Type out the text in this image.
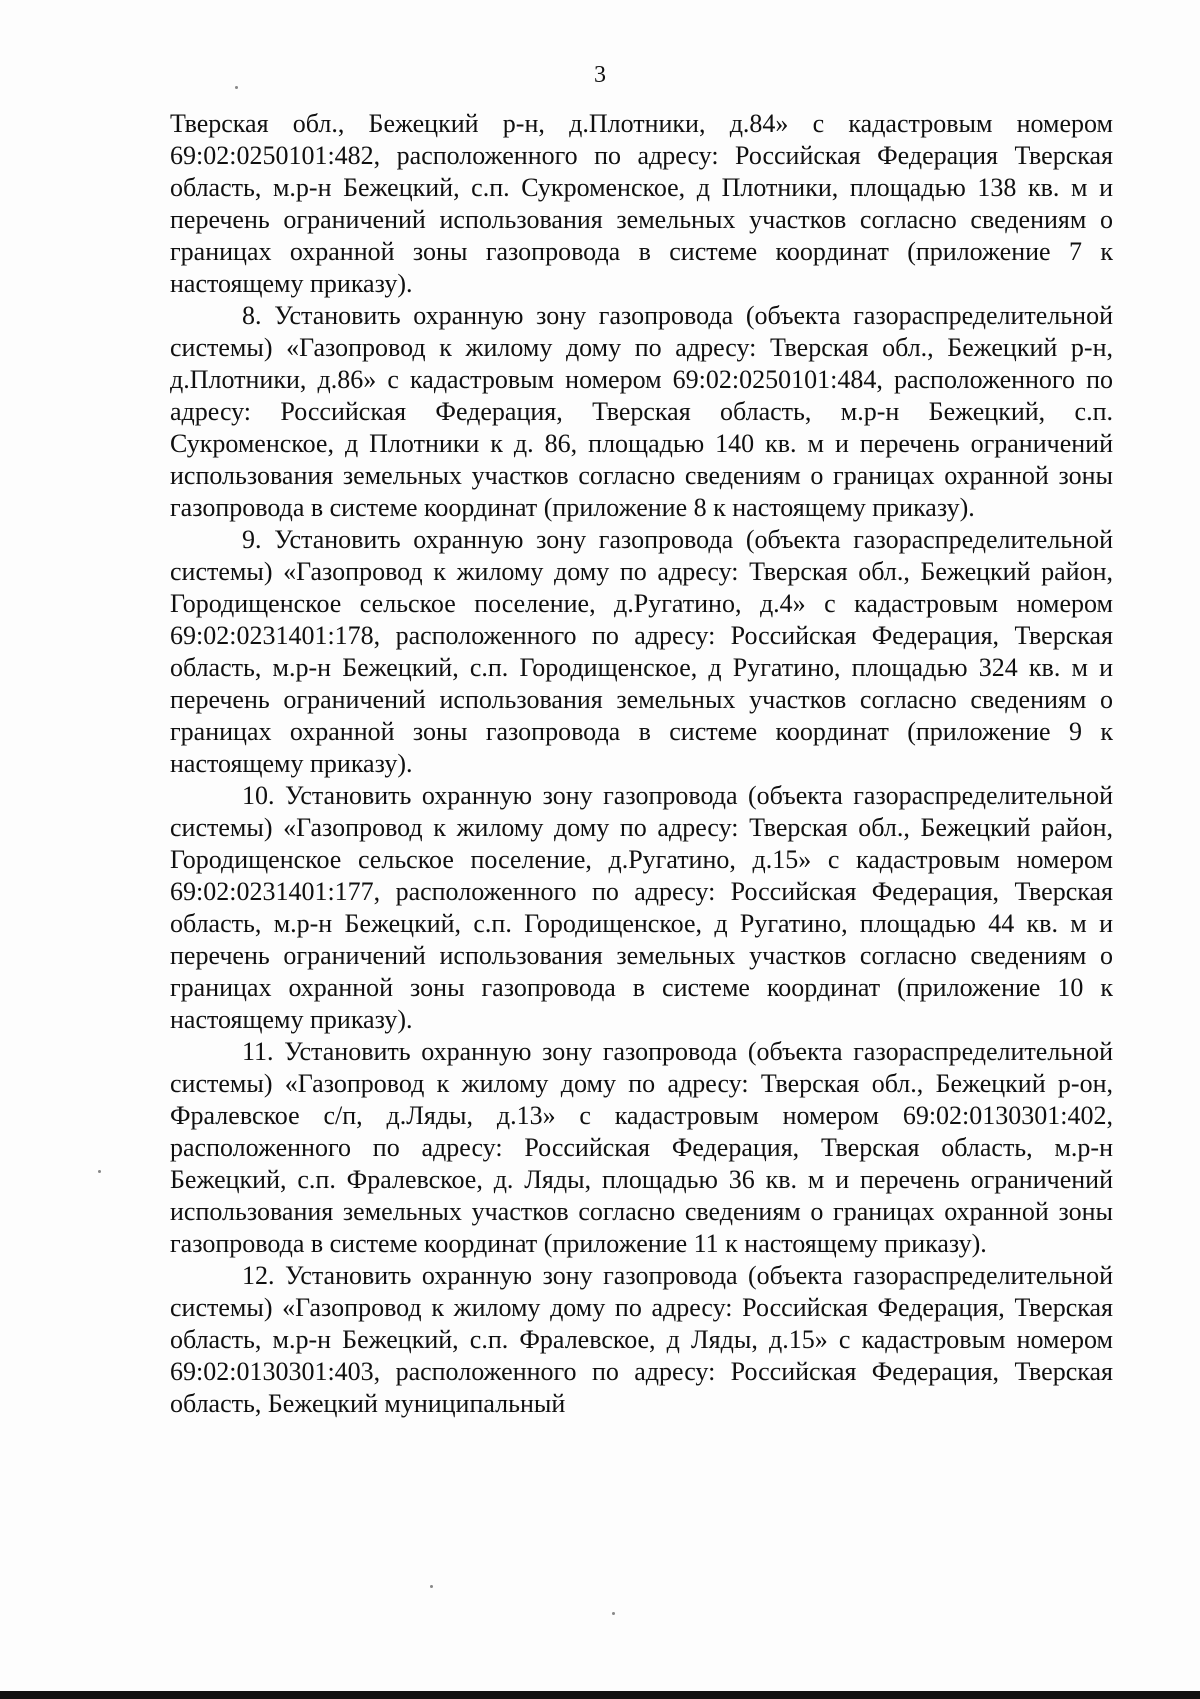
3

Тверская обл., Бежецкий р-н, д.Плотники, д.84» с кадастровым номером 69:02:0250101:482, расположенного по адресу: Российская Федерация Тверская область, м.р-н Бежецкий, с.п. Сукроменское, д Плотники, площадью 138 кв. м и перечень ограничений использования земельных участков согласно сведениям о границах охранной зоны газопровода в системе координат (приложение 7 к настоящему приказу).

8. Установить охранную зону газопровода (объекта газораспределительной системы) «Газопровод к жилому дому по адресу: Тверская обл., Бежецкий р-н, д.Плотники, д.86» с кадастровым номером 69:02:0250101:484, расположенного по адресу: Российская Федерация, Тверская область, м.р-н Бежецкий, с.п. Сукроменское, д Плотники к д. 86, площадью 140 кв. м и перечень ограничений использования земельных участков согласно сведениям о границах охранной зоны газопровода в системе координат (приложение 8 к настоящему приказу).

9. Установить охранную зону газопровода (объекта газораспределительной системы) «Газопровод к жилому дому по адресу: Тверская обл., Бежецкий район, Городищенское сельское поселение, д.Ругатино, д.4» с кадастровым номером 69:02:0231401:178, расположенного по адресу: Российская Федерация, Тверская область, м.р-н Бежецкий, с.п. Городищенское, д Ругатино, площадью 324 кв. м и перечень ограничений использования земельных участков согласно сведениям о границах охранной зоны газопровода в системе координат (приложение 9 к настоящему приказу).

10. Установить охранную зону газопровода (объекта газораспределительной системы) «Газопровод к жилому дому по адресу: Тверская обл., Бежецкий район, Городищенское сельское поселение, д.Ругатино, д.15» с кадастровым номером 69:02:0231401:177, расположенного по адресу: Российская Федерация, Тверская область, м.р-н Бежецкий, с.п. Городищенское, д Ругатино, площадью 44 кв. м и перечень ограничений использования земельных участков согласно сведениям о границах охранной зоны газопровода в системе координат (приложение 10 к настоящему приказу).

11. Установить охранную зону газопровода (объекта газораспределительной системы) «Газопровод к жилому дому по адресу: Тверская обл., Бежецкий р-он, Фралевское с/п, д.Ляды, д.13» с кадастровым номером 69:02:0130301:402, расположенного по адресу: Российская Федерация, Тверская область, м.р-н Бежецкий, с.п. Фралевское, д. Ляды, площадью 36 кв. м и перечень ограничений использования земельных участков согласно сведениям о границах охранной зоны газопровода в системе координат (приложение 11 к настоящему приказу).

12. Установить охранную зону газопровода (объекта газораспределительной системы) «Газопровод к жилому дому по адресу: Российская Федерация, Тверская область, м.р-н Бежецкий, с.п. Фралевское, д Ляды, д.15» с кадастровым номером 69:02:0130301:403, расположенного по адресу: Российская Федерация, Тверская область, Бежецкий муниципальный
